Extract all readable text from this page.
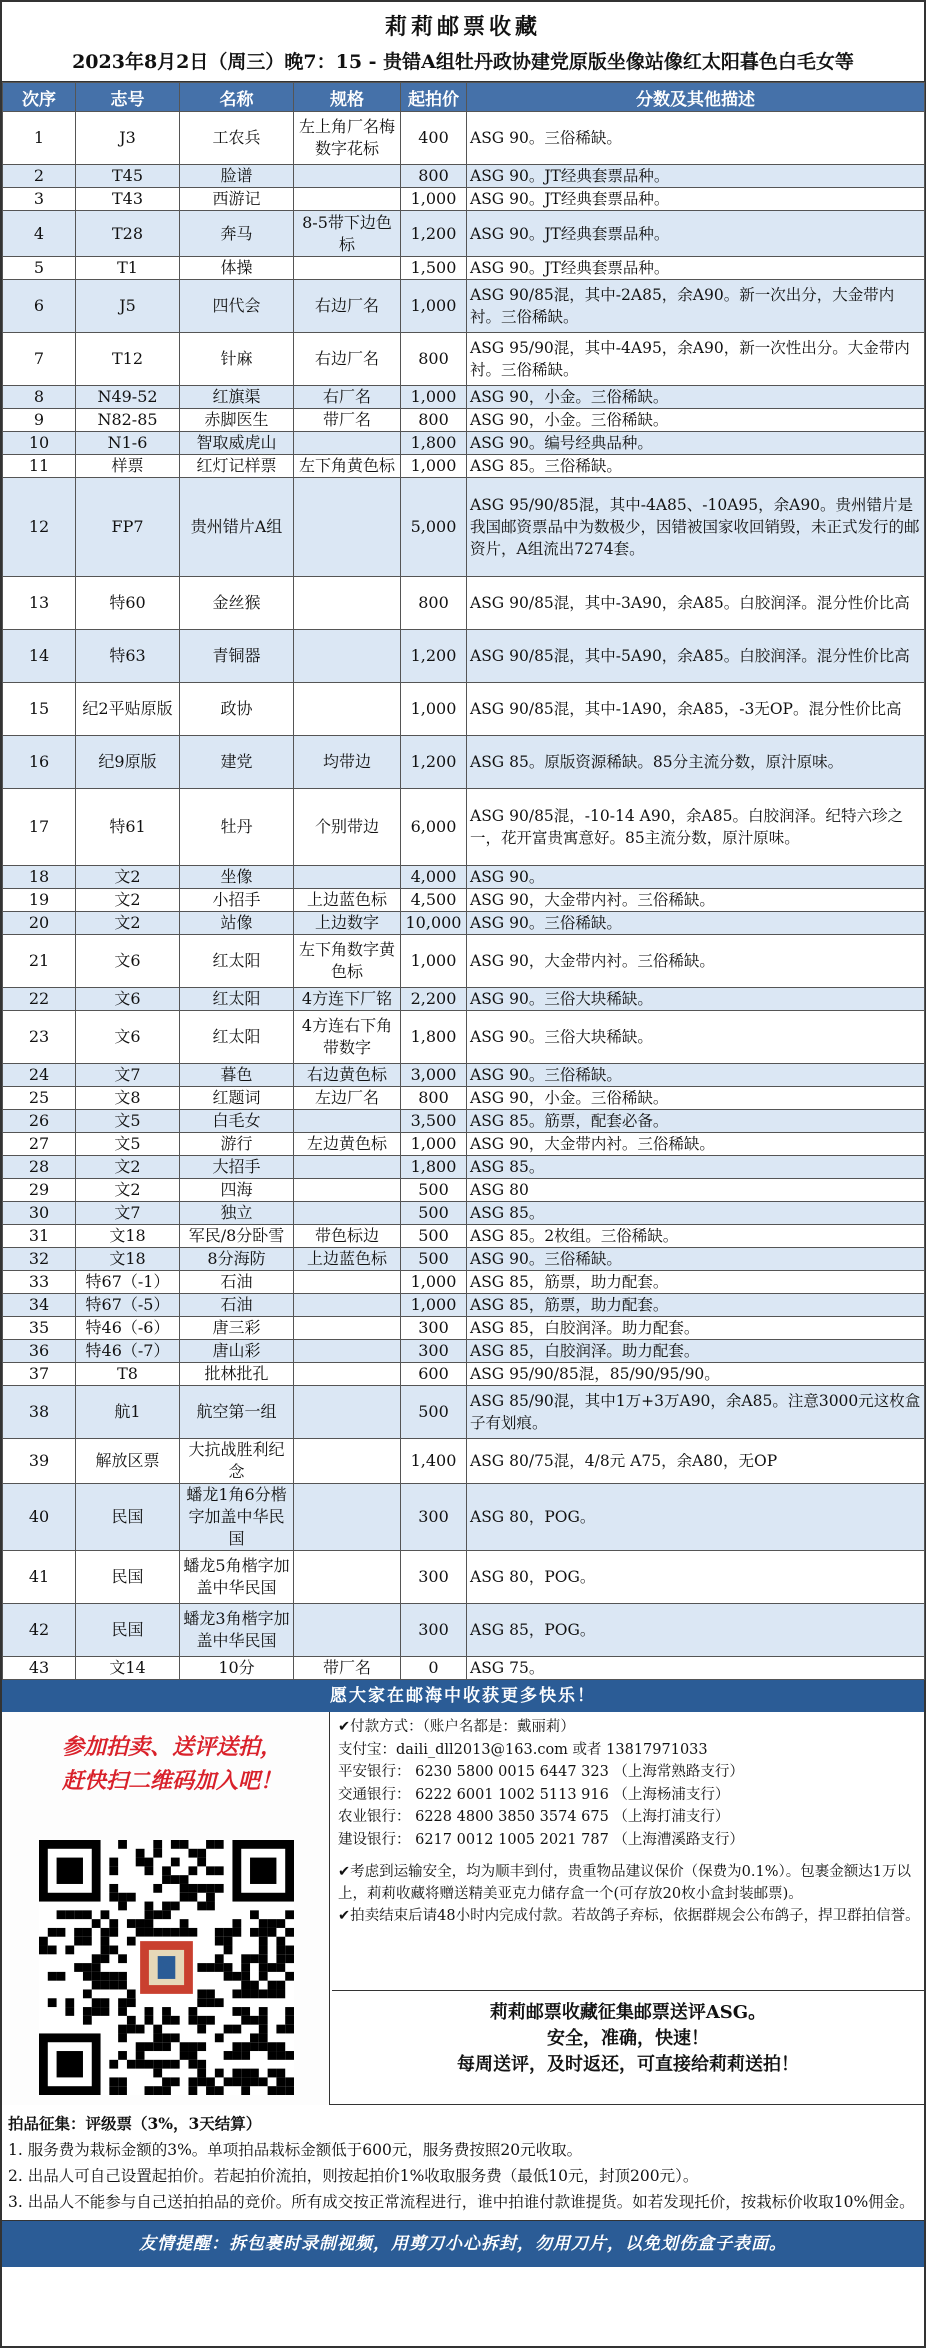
莉莉邮票收藏
2023年8月2日（周三）晚7：15 - 贵错A组牡丹政协建党原版坐像站像红太阳暮色白毛女等
次序	志号	名称	规格	起拍价	分数及其他描述
1	J3	工农兵	左上角厂名梅数字花标	400	ASG 90。三俗稀缺。
2	T45	脸谱		800	ASG 90。JT经典套票品种。
3	T43	西游记		1,000	ASG 90。JT经典套票品种。
4	T28	奔马	8-5带下边色标	1,200	ASG 90。JT经典套票品种。
5	T1	体操		1,500	ASG 90。JT经典套票品种。
6	J5	四代会	右边厂名	1,000	ASG 90/85混，其中-2A85，余A90。新一次出分，大金带内衬。三俗稀缺。
7	T12	针麻	右边厂名	800	ASG 95/90混，其中-4A95，余A90，新一次性出分。大金带内衬。三俗稀缺。
8	N49-52	红旗渠	右厂名	1,000	ASG 90，小金。三俗稀缺。
9	N82-85	赤脚医生	带厂名	800	ASG 90，小金。三俗稀缺。
10	N1-6	智取威虎山		1,800	ASG 90。编号经典品种。
11	样票	红灯记样票	左下角黄色标	1,000	ASG 85。三俗稀缺。
12	FP7	贵州错片A组		5,000	ASG 95/90/85混，其中-4A85、-10A95，余A90。贵州错片是我国邮资票品中为数极少，因错被国家收回销毁，未正式发行的邮资片，A组流出7274套。
13	特60	金丝猴		800	ASG 90/85混，其中-3A90，余A85。白胶润泽。混分性价比高
14	特63	青铜器		1,200	ASG 90/85混，其中-5A90，余A85。白胶润泽。混分性价比高
15	纪2平贴原版	政协		1,000	ASG 90/85混，其中-1A90，余A85，-3无OP。混分性价比高
16	纪9原版	建党	均带边	1,200	ASG 85。原版资源稀缺。85分主流分数，原汁原味。
17	特61	牡丹	个别带边	6,000	ASG 90/85混，-10-14 A90，余A85。白胶润泽。纪特六珍之一，花开富贵寓意好。85主流分数，原汁原味。
18	文2	坐像		4,000	ASG 90。
19	文2	小招手	上边蓝色标	4,500	ASG 90，大金带内衬。三俗稀缺。
20	文2	站像	上边数字	10,000	ASG 90。三俗稀缺。
21	文6	红太阳	左下角数字黄色标	1,000	ASG 90，大金带内衬。三俗稀缺。
22	文6	红太阳	4方连下厂铭	2,200	ASG 90。三俗大块稀缺。
23	文6	红太阳	4方连右下角带数字	1,800	ASG 90。三俗大块稀缺。
24	文7	暮色	右边黄色标	3,000	ASG 90。三俗稀缺。
25	文8	红题词	左边厂名	800	ASG 90，小金。三俗稀缺。
26	文5	白毛女		3,500	ASG 85。筋票，配套必备。
27	文5	游行	左边黄色标	1,000	ASG 90，大金带内衬。三俗稀缺。
28	文2	大招手		1,800	ASG 85。
29	文2	四海		500	ASG 80
30	文7	独立		500	ASG 85。
31	文18	军民/8分卧雪	带色标边	500	ASG 85。2枚组。三俗稀缺。
32	文18	8分海防	上边蓝色标	500	ASG 90。三俗稀缺。
33	特67（-1）	石油		1,000	ASG 85，筋票，助力配套。
34	特67（-5）	石油		1,000	ASG 85，筋票，助力配套。
35	特46（-6）	唐三彩		300	ASG 85，白胶润泽。助力配套。
36	特46（-7）	唐山彩		300	ASG 85，白胶润泽。助力配套。
37	T8	批林批孔		600	ASG 95/90/85混，85/90/95/90。
38	航1	航空第一组		500	ASG 85/90混，其中1万+3万A90，余A85。注意3000元这枚盒子有划痕。
39	解放区票	大抗战胜利纪念		1,400	ASG 80/75混，4/8元 A75，余A80，无OP
40	民国	蟠龙1角6分楷字加盖中华民国		300	ASG 80，POG。
41	民国	蟠龙5角楷字加盖中华民国		300	ASG 80，POG。
42	民国	蟠龙3角楷字加盖中华民国		300	ASG 85，POG。
43	文14	10分	带厂名	0	ASG 75。
愿大家在邮海中收获更多快乐！
参加拍卖、送评送拍，
赶快扫二维码加入吧！
✔付款方式：（账户名都是：戴丽莉）
支付宝：daili_dll2013@163.com 或者 13817971033
平安银行： 6230 5800 0015 6447 323 （上海常熟路支行）
交通银行： 6222 6001 1002 5113 916 （上海杨浦支行）
农业银行： 6228 4800 3850 3574 675 （上海打浦支行）
建设银行： 6217 0012 1005 2021 787 （上海漕溪路支行）
✔考虑到运输安全，均为顺丰到付，贵重物品建议保价（保费为0.1%）。包裹金额达1万以上，莉莉收藏将赠送精美亚克力储存盒一个(可存放20枚小盒封装邮票)。
✔拍卖结束后请48小时内完成付款。若故鸽子弃标，依据群规会公布鸽子，捍卫群拍信誉。
莉莉邮票收藏征集邮票送评ASG。
安全，准确，快速！
每周送评，及时返还，可直接给莉莉送拍！
拍品征集：评级票（3%，3天结算）
1. 服务费为栽标金额的3%。单项拍品栽标金额低于600元，服务费按照20元收取。
2. 出品人可自己设置起拍价。若起拍价流拍，则按起拍价1%收取服务费（最低10元，封顶200元）。
3. 出品人不能参与自己送拍拍品的竞价。所有成交按正常流程进行，谁中拍谁付款谁提货。如若发现托价，按栽标价收取10%佣金。
友情提醒：拆包裹时录制视频，用剪刀小心拆封，勿用刀片，以免划伤盒子表面。
